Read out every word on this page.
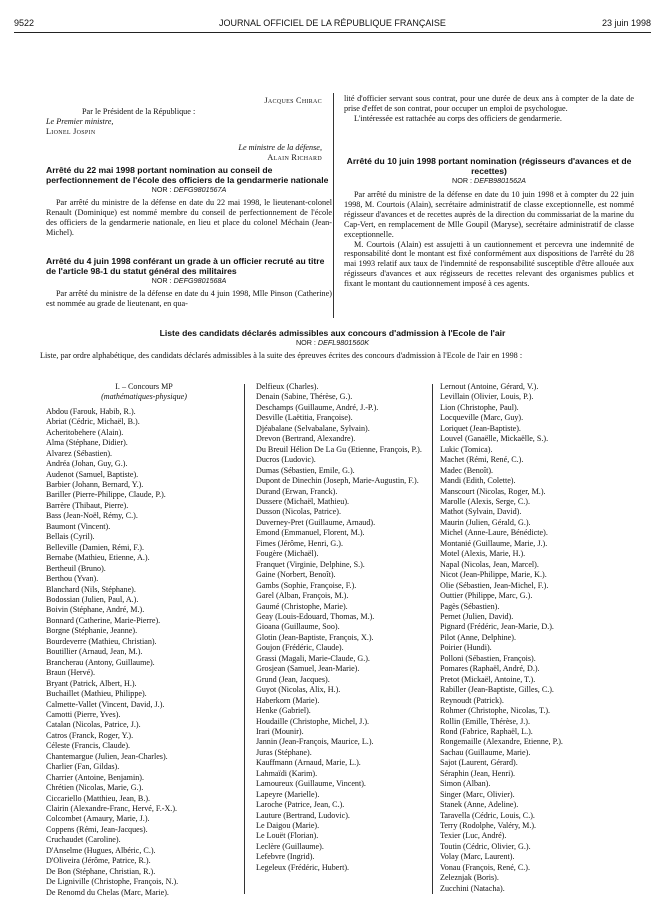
9522	JOURNAL OFFICIEL DE LA RÉPUBLIQUE FRANÇAISE	23 juin 1998

Jacques Chirac

Par le Président de la République :

Le Premier ministre,

Lionel Jospin

Le ministre de la défense,

Alain Richard

Arrêté du 22 mai 1998 portant nomination au conseil de perfectionnement de l'école des officiers de la gendarmerie nationale

NOR : DEFG9801567A

Par arrêté du ministre de la défense en date du 22 mai 1998, le lieutenant-colonel Renault (Dominique) est nommé membre du conseil de perfectionnement de l'école des officiers de la gendarmerie nationale, en lieu et place du colonel Méchain (Jean-Michel).

Arrêté du 4 juin 1998 conférant un grade à un officier recruté au titre de l'article 98-1 du statut général des militaires

NOR : DEFG9801568A

Par arrêté du ministre de la défense en date du 4 juin 1998, Mlle Pinson (Catherine) est nommée au grade de lieutenant, en qua-

lité d'officier servant sous contrat, pour une durée de deux ans à compter de la date de prise d'effet de son contrat, pour occuper un emploi de psychologue.

L'intéressée est rattachée au corps des officiers de gendarmerie.

Arrêté du 10 juin 1998 portant nomination (régisseurs d'avances et de recettes)

NOR : DEFB9801562A

Par arrêté du ministre de la défense en date du 10 juin 1998 et à compter du 22 juin 1998, M. Courtois (Alain), secrétaire administratif de classe exceptionnelle, est nommé régisseur d'avances et de recettes auprès de la direction du commissariat de la marine du Cap-Vert, en remplacement de Mlle Goupil (Maryse), secrétaire administratif de classe exceptionnelle.

M. Courtois (Alain) est assujetti à un cautionnement et percevra une indemnité de responsabilité dont le montant est fixé conformément aux dispositions de l'arrêté du 28 mai 1993 relatif aux taux de l'indemnité de responsabilité susceptible d'être allouée aux régisseurs d'avances et aux régisseurs de recettes relevant des organismes publics et fixant le montant du cautionnement imposé à ces agents.

Liste des candidats déclarés admissibles aux concours d'admission à l'Ecole de l'air

NOR : DEFL9801560K

Liste, par ordre alphabétique, des candidats déclarés admissibles à la suite des épreuves écrites des concours d'admission à l'Ecole de l'air en 1998 :

I. – Concours MP

(mathématiques-physique)

Abdou (Farouk, Habib, R.).
Abriat (Cédric, Michaël, B.).
Acheritobehere (Alain).
Alma (Stéphane, Didier).
Alvarez (Sébastien).
Andréa (Johan, Guy, G.).
Audenot (Samuel, Baptiste).
Barbier (Johann, Bernard, Y.).
Bariller (Pierre-Philippe, Claude, P.).
Barrère (Thibaut, Pierre).
Bass (Jean-Noël, Rémy, C.).
Baumont (Vincent).
Bellais (Cyril).
Belleville (Damien, Rémi, F.).
Bernabe (Mathieu, Etienne, A.).
Bertheuil (Bruno).
Berthou (Yvan).
Blanchard (Nils, Stéphane).
Bodossian (Julien, Paul, A.).
Boivin (Stéphane, André, M.).
Bonnard (Catherine, Marie-Pierre).
Borgne (Stéphanie, Jeanne).
Bourdeverre (Mathieu, Christian).
Boutillier (Arnaud, Jean, M.).
Brancherau (Antony, Guillaume).
Braun (Hervé).
Bryant (Patrick, Albert, H.).
Buchaillet (Mathieu, Philippe).
Calmette-Vallet (Vincent, David, J.).
Camotti (Pierre, Yves).
Catalan (Nicolas, Patrice, J.).
Catros (Franck, Roger, Y.).
Céleste (Francis, Claude).
Chantemargue (Julien, Jean-Charles).
Charlier (Fan, Gildas).
Charrier (Antoine, Benjamin).
Chrétien (Nicolas, Marie, G.).
Ciccariello (Matthieu, Jean, B.).
Clairin (Alexandre-Franc, Hervé, F.-X.).
Colcombet (Amaury, Marie, J.).
Coppens (Rémi, Jean-Jacques).
Cruchaudet (Caroline).
D'Anselme (Hugues, Albéric, C.).
D'Oliveira (Jérôme, Patrice, R.).
De Bon (Stéphane, Christian, R.).
De Ligniville (Christophe, François, N.).
De Renomd du Chelas (Marc, Marie).
Delfieux (Charles).
Denain (Sabine, Thérèse, G.).
Deschamps (Guillaume, André, J.-P.).
Desville (Laëtitia, Françoise).
Djéabalane (Selvabalane, Sylvain).
Drevon (Bertrand, Alexandre).
Du Breuil Hélion De La Gu (Etienne, François, P.).
Ducros (Ludovic).
Dumas (Sébastien, Emile, G.).
Dupont de Dinechin (Joseph, Marie-Augustin, F.).
Durand (Erwan, Franck).
Dussere (Michaël, Mathieu).
Dusson (Nicolas, Patrice).
Duverney-Pret (Guillaume, Arnaud).
Emond (Emmanuel, Florent, M.).
Fimes (Jérôme, Henri, G.).
Fougère (Michaël).
Franquet (Virginie, Delphine, S.).
Gaine (Norbert, Benoît).
Gambs (Sophie, Françoise, F.).
Garel (Alban, François, M.).
Gaumé (Christophe, Marie).
Geay (Louis-Edouard, Thomas, M.).
Gioana (Guillaume, Soo).
Glotin (Jean-Baptiste, François, X.).
Goujon (Frédéric, Claude).
Grassi (Magali, Marie-Claude, G.).
Grosjean (Samuel, Jean-Marie).
Grund (Jean, Jacques).
Guyot (Nicolas, Alix, H.).
Haberkorn (Marie).
Henke (Gabriel).
Houdaille (Christophe, Michel, J.).
Irari (Mounir).
Jannin (Jean-François, Maurice, L.).
Juras (Stéphane).
Kauffmann (Arnaud, Marie, L.).
Lahmaïdi (Karim).
Lamoureux (Guillaume, Vincent).
Lapeyre (Marielle).
Laroche (Patrice, Jean, C.).
Lauture (Bertrand, Ludovic).
Le Daigou (Marie).
Le Louët (Florian).
Leclère (Guillaume).
Lefebvre (Ingrid).
Legeleux (Frédéric, Hubert).
Lernout (Antoine, Gérard, V.).
Levillain (Olivier, Louis, P.).
Lion (Christophe, Paul).
Locqueville (Marc, Guy).
Loriquet (Jean-Baptiste).
Louvel (Ganaëlle, Mickaëlle, S.).
Lukic (Tomica).
Machet (Rémi, René, C.).
Madec (Benoît).
Mandi (Edith, Colette).
Manscourt (Nicolas, Roger, M.).
Marolle (Alexis, Serge, C.).
Mathot (Sylvain, David).
Maurin (Julien, Gérald, G.).
Michel (Anne-Laure, Bénédicte).
Montanié (Guillaume, Marie, J.).
Motel (Alexis, Marie, H.).
Napal (Nicolas, Jean, Marcel).
Nicot (Jean-Philippe, Marie, K.).
Olie (Sébastien, Jean-Michel, F.).
Outtier (Philippe, Marc, G.).
Pagès (Sébastien).
Pernet (Julien, David).
Pignard (Frédéric, Jean-Marie, D.).
Pilot (Anne, Delphine).
Poirier (Hundi).
Polloni (Sébastien, François).
Pomares (Raphaël, André, D.).
Pretot (Mickaël, Antoine, T.).
Rabiller (Jean-Baptiste, Gilles, C.).
Reynoudt (Patrick).
Rohmer (Christophe, Nicolas, T.).
Rollin (Emille, Thérèse, J.).
Rond (Fabrice, Raphaël, L.).
Rongemaille (Alexandre, Etienne, P.).
Sachau (Guillaume, Marie).
Sajot (Laurent, Gérard).
Séraphin (Jean, Henri).
Simon (Alban).
Singer (Marc, Olivier).
Stanek (Anne, Adeline).
Taravella (Cédric, Louis, C.).
Terry (Rodolphe, Valéry, M.).
Texier (Luc, André).
Toutin (Cédric, Olivier, G.).
Volay (Marc, Laurent).
Vonau (François, René, C.).
Zeleznjak (Boris).
Zucchini (Natacha).
